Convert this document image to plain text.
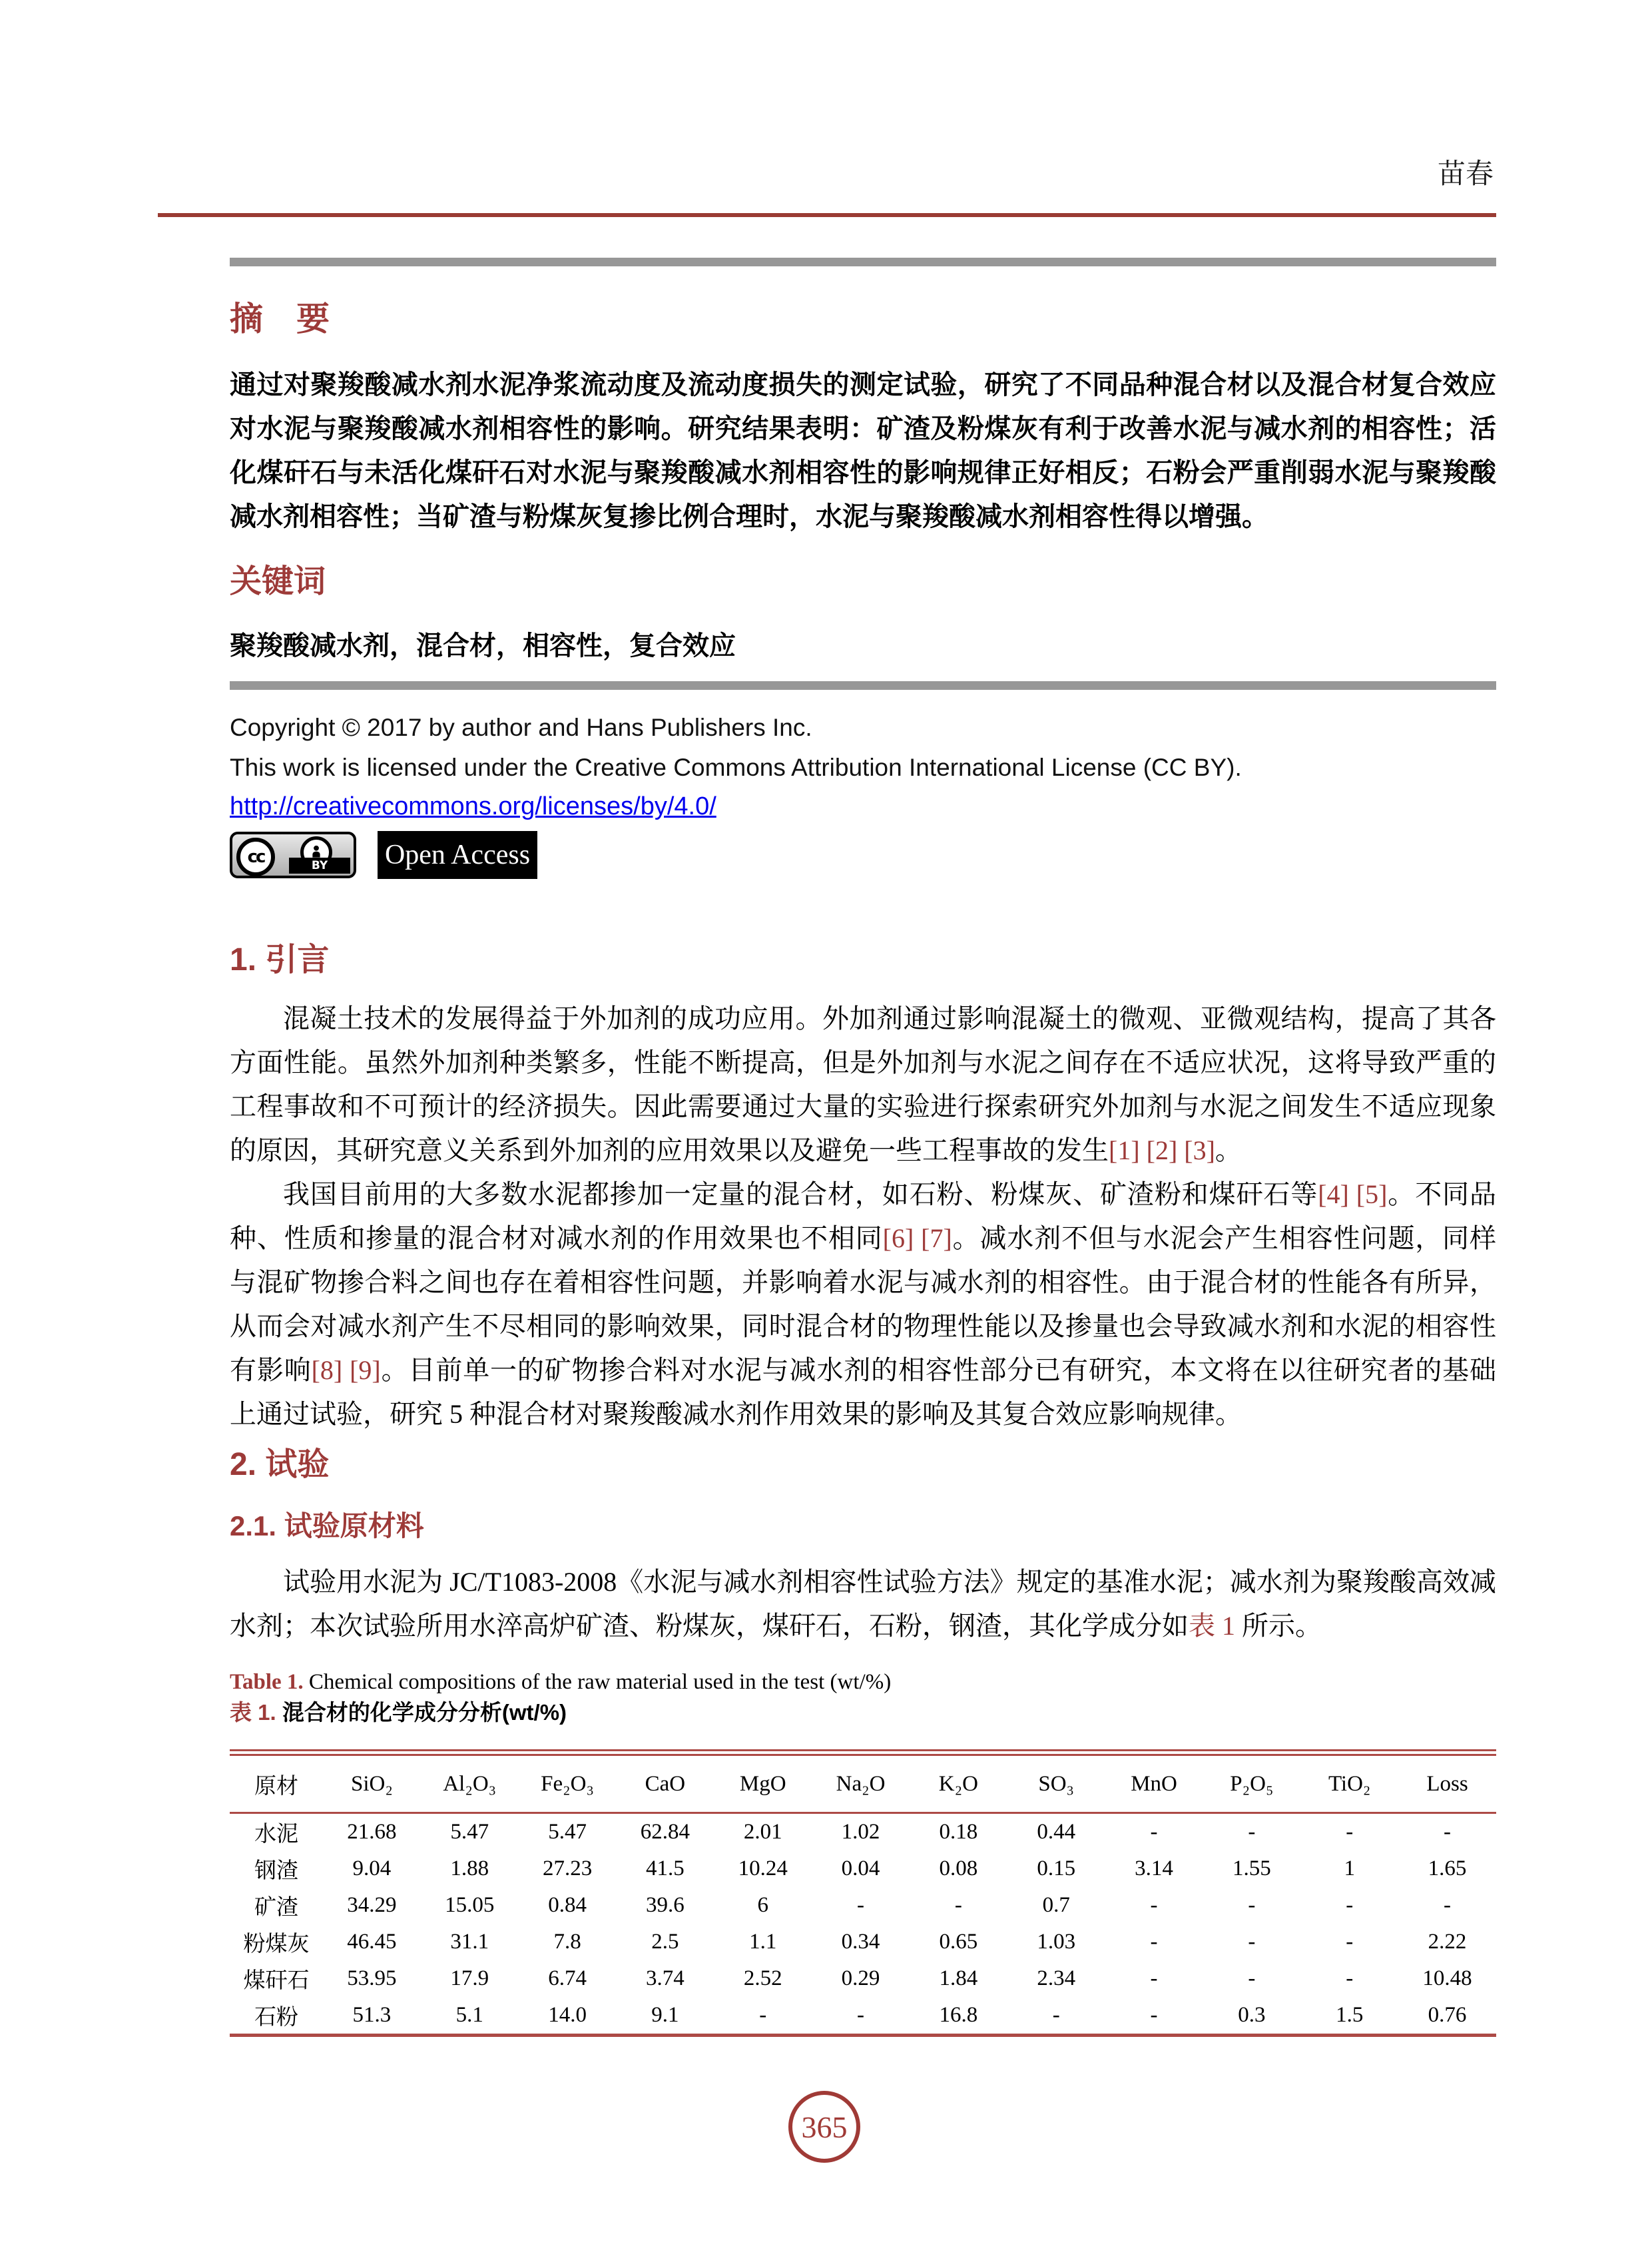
苗春
摘　要

通过对聚羧酸减水剂水泥净浆流动度及流动度损失的测定试验，研究了不同品种混合材以及混合材复合效应对水泥与聚羧酸减水剂相容性的影响。研究结果表明：矿渣及粉煤灰有利于改善水泥与减水剂的相容性；活化煤矸石与未活化煤矸石对水泥与聚羧酸减水剂相容性的影响规律正好相反；石粉会严重削弱水泥与聚羧酸减水剂相容性；当矿渣与粉煤灰复掺比例合理时，水泥与聚羧酸减水剂相容性得以增强。

关键词

聚羧酸减水剂，混合材，相容性，复合效应

Copyright © 2017 by author and Hans Publishers Inc.

This work is licensed under the Creative Commons Attribution International License (CC BY).

http://creativecommons.org/licenses/by/4.0/
cc	BY	Open Access
1. 引言

混凝土技术的发展得益于外加剂的成功应用。外加剂通过影响混凝土的微观、亚微观结构，提高了其各方面性能。虽然外加剂种类繁多，性能不断提高，但是外加剂与水泥之间存在不适应状况，这将导致严重的工程事故和不可预计的经济损失。因此需要通过大量的实验进行探索研究外加剂与水泥之间发生不适应现象的原因，其研究意义关系到外加剂的应用效果以及避免一些工程事故的发生[1] [2] [3]。

我国目前用的大多数水泥都掺加一定量的混合材，如石粉、粉煤灰、矿渣粉和煤矸石等[4] [5]。不同品种、性质和掺量的混合材对减水剂的作用效果也不相同[6] [7]。减水剂不但与水泥会产生相容性问题，同样与混矿物掺合料之间也存在着相容性问题，并影响着水泥与减水剂的相容性。由于混合材的性能各有所异，从而会对减水剂产生不尽相同的影响效果，同时混合材的物理性能以及掺量也会导致减水剂和水泥的相容性有影响[8] [9]。目前单一的矿物掺合料对水泥与减水剂的相容性部分已有研究，本文将在以往研究者的基础上通过试验，研究 5 种混合材对聚羧酸减水剂作用效果的影响及其复合效应影响规律。

2. 试验
2.1. 试验原材料

试验用水泥为 JC/T1083-2008《水泥与减水剂相容性试验方法》规定的基准水泥；减水剂为聚羧酸高效减水剂；本次试验所用水淬高炉矿渣、粉煤灰，煤矸石，石粉，钢渣，其化学成分如表 1 所示。

Table 1. Chemical compositions of the raw material used in the test (wt/%)

表 1. 混合材的化学成分分析(wt/%)

原材	SiO₂	Al₂O₃	Fe₂O₃	CaO	MgO	Na₂O	K₂O	SO₃	MnO	P₂O₅	TiO₂	Loss
水泥	21.68	5.47	5.47	62.84	2.01	1.02	0.18	0.44	-	-	-	-
钢渣	9.04	1.88	27.23	41.5	10.24	0.04	0.08	0.15	3.14	1.55	1	1.65
矿渣	34.29	15.05	0.84	39.6	6	-	-	0.7	-	-	-	-
粉煤灰	46.45	31.1	7.8	2.5	1.1	0.34	0.65	1.03	-	-	-	2.22
煤矸石	53.95	17.9	6.74	3.74	2.52	0.29	1.84	2.34	-	-	-	10.48
石粉	51.3	5.1	14.0	9.1	-	-	16.8	-	-	0.3	1.5	0.76
365
